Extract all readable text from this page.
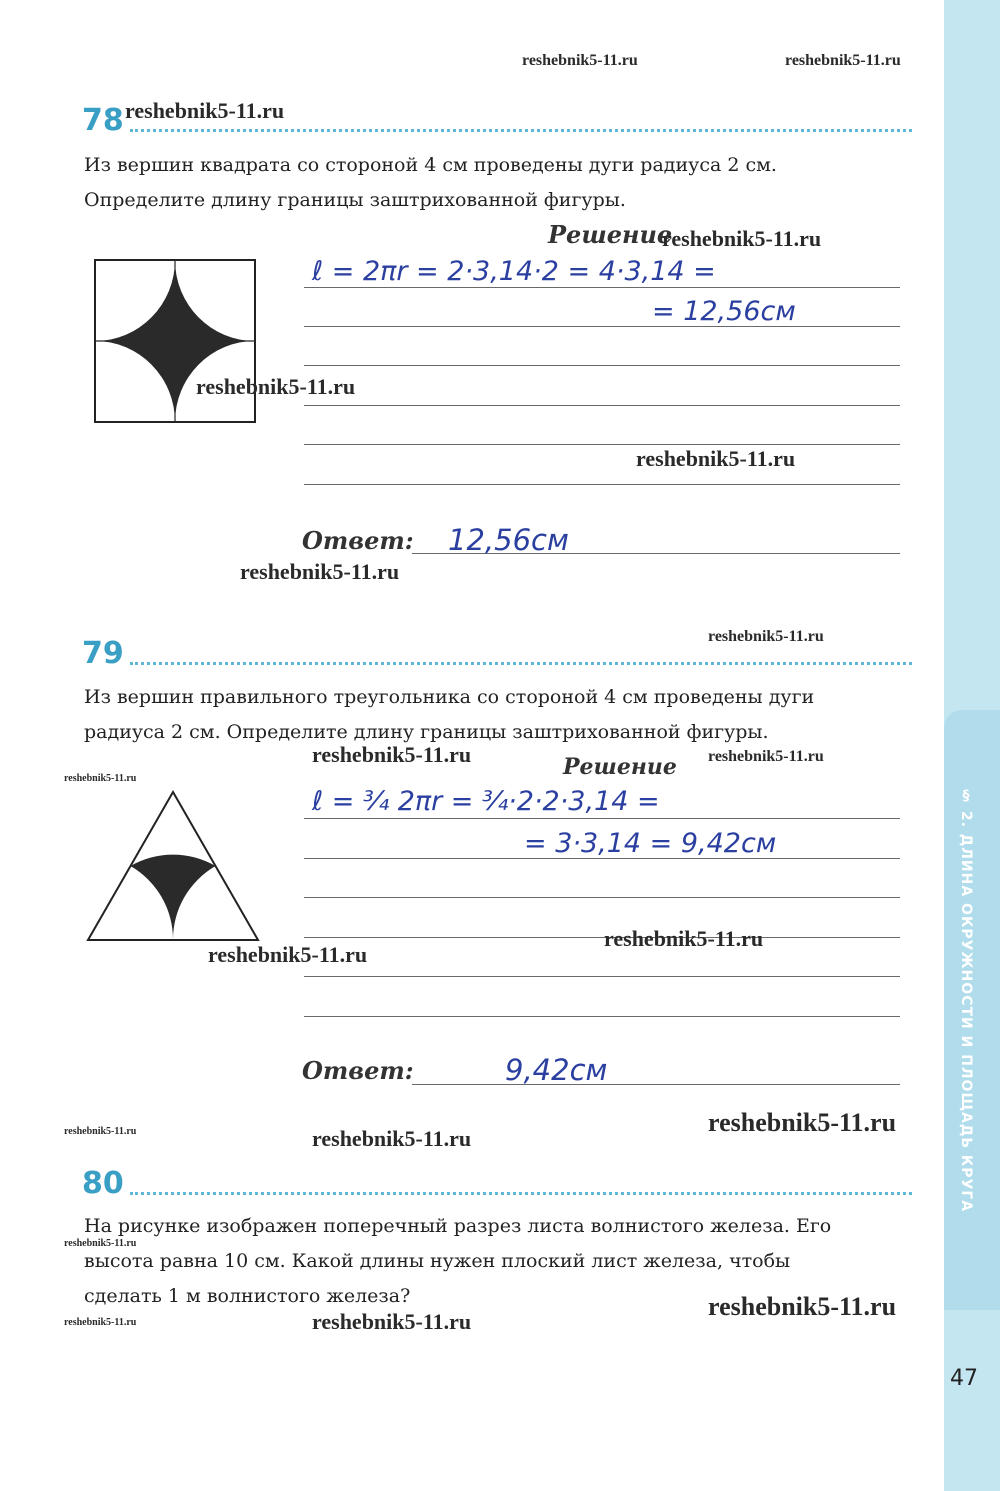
§ 2. ДЛИНА ОКРУЖНОСТИ И ПЛОЩАДЬ КРУГА
reshebnik5-11.ru	reshebnik5-11.ru
78 reshebnik5-11.ru
Из вершин квадрата со стороной 4 см проведены дуги радиуса 2 см.
Определите длину границы заштрихованной фигуры.
Решение
reshebnik5-11.ru
ℓ = 2πr = 2·3,14·2 = 4·3,14 =
= 12,56см
reshebnik5-11.ru
reshebnik5-11.ru
Ответ: 12,56см
reshebnik5-11.ru
reshebnik5-11.ru
79
Из вершин правильного треугольника со стороной 4 см проведены дуги
радиуса 2 см. Определите длину границы заштрихованной фигуры.
reshebnik5-11.ru	Решение reshebnik5-11.ru
reshebnik5-11.ru
ℓ = ¾ 2πr = ¾·2·2·3,14 =
= 3·3,14 = 9,42см
reshebnik5-11.ru
reshebnik5-11.ru
Ответ:	9,42см
reshebnik5-11.ru
reshebnik5-11.ru	reshebnik5-11.ru
80
На рисунке изображен поперечный разрез листа волнистого железа. Его
высота равна 10 см. Какой длины нужен плоский лист железа, чтобы
сделать 1 м волнистого железа?
reshebnik5-11.ru
reshebnik5-11.ru
reshebnik5-11.ru	reshebnik5-11.ru
47
